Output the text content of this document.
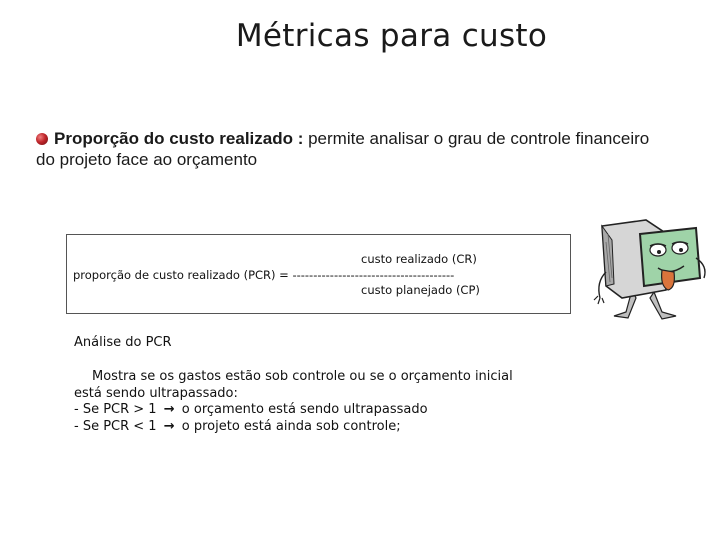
Métricas para custo
Proporção do custo realizado : permite analisar o grau de controle financeiro do projeto face ao orçamento
custo realizado (CR)
proporção de custo realizado (PCR) = ---------------------------------------
custo planejado (CP)
Análise do PCR
Mostra se os gastos estão sob controle ou se o orçamento inicial
está sendo ultrapassado:
- Se PCR > 1 → o orçamento está sendo ultrapassado
- Se PCR < 1 → o projeto está ainda sob controle;
